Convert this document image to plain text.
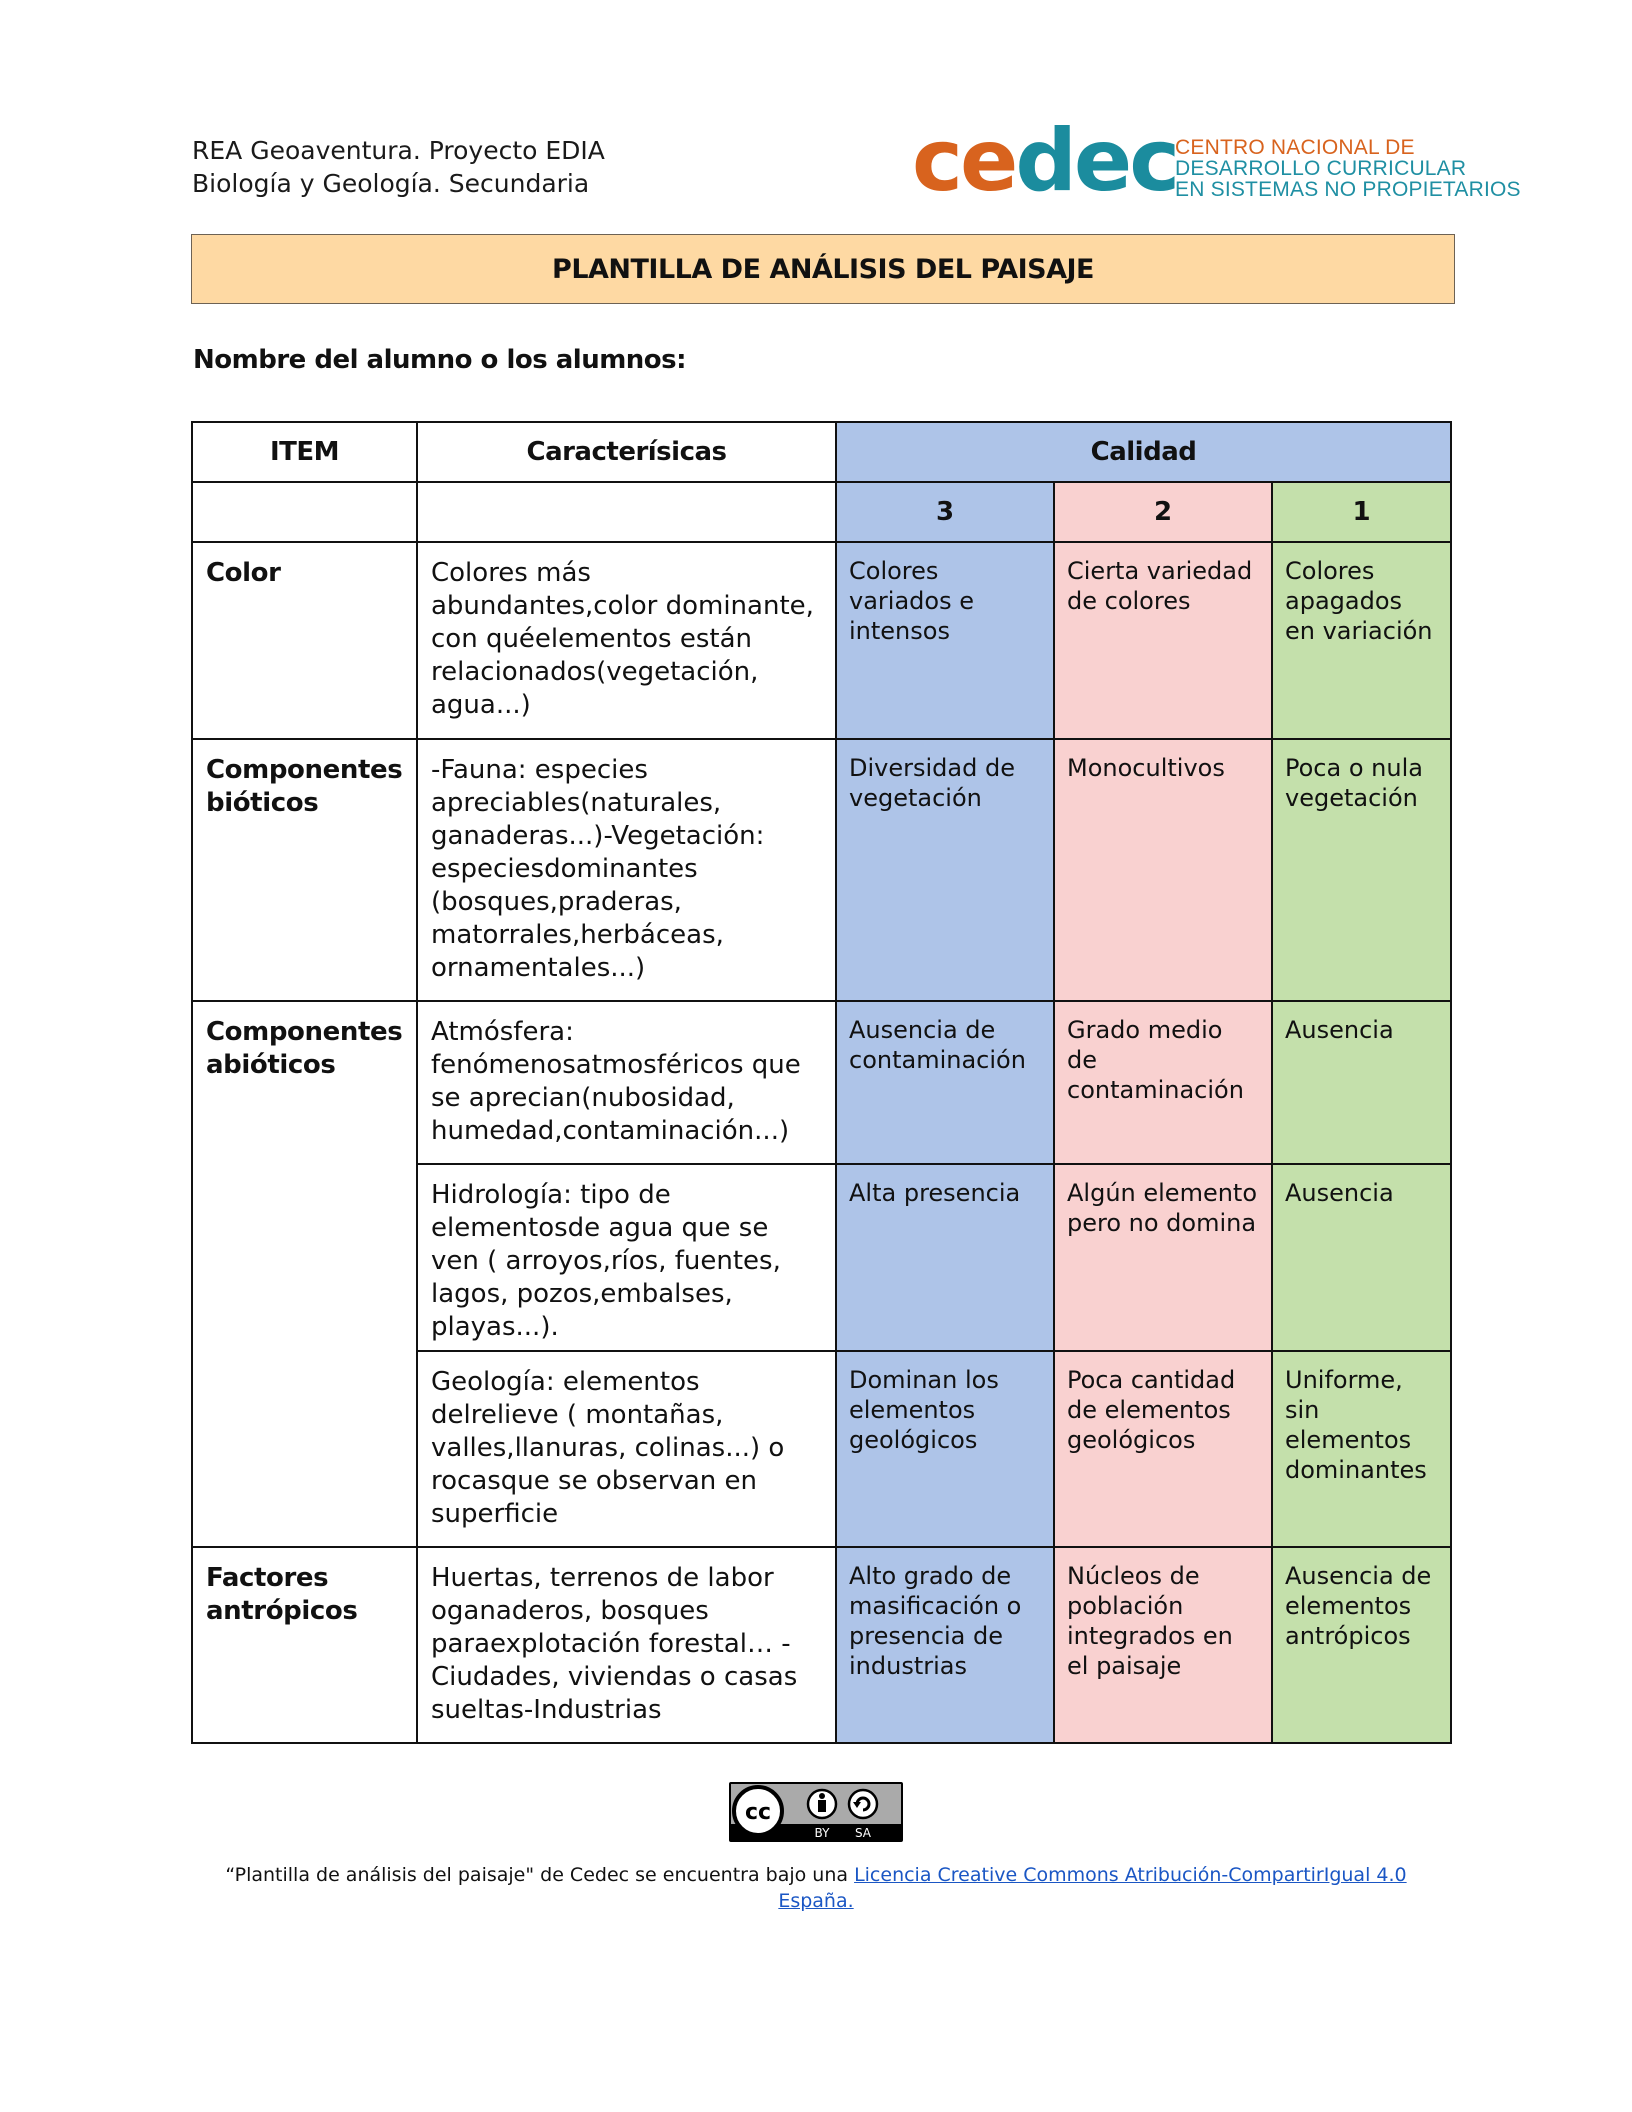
REA Geoaventura. Proyecto EDIA
Biología y Geología. Secundaria	cedec
CENTRO NACIONAL DE
DESARROLLO CURRICULAR
EN SISTEMAS NO PROPIETARIOS
PLANTILLA DE ANÁLISIS DEL PAISAJE
Nombre del alumno o los alumnos:
ITEM	Caracterísicas	Calidad		
		3	2	1
Color	Colores más abundantes,color dominante, con quéelementos están relacionados(vegetación, agua...)	Colores variados e intensos	Cierta variedad de colores	Colores apagados en variación
Componentes bióticos	-Fauna: especies apreciables(naturales, ganaderas...)-Vegetación: especiesdominantes (bosques,praderas, matorrales,herbáceas, ornamentales...)	Diversidad de vegetación	Monocultivos	Poca o nula vegetación
Componentes abióticos	Atmósfera: fenómenosatmosféricos que se aprecian(nubosidad, humedad,contaminación...)	Ausencia de contaminación	Grado medio de contaminación	Ausencia
	Hidrología: tipo de elementosde agua que se ven ( arroyos,ríos, fuentes, lagos, pozos,embalses, playas...).	Alta presencia	Algún elemento pero no domina	Ausencia
	Geología: elementos delrelieve ( montañas, valles,llanuras, colinas...) o rocasque se observan en superficie	Dominan los elementos geológicos	Poca cantidad de elementos geológicos	Uniforme, sin elementos dominantes
Factores antrópicos	Huertas, terrenos de labor oganaderos, bosques paraexplotación forestal… -Ciudades, viviendas o casas sueltas-Industrias	Alto grado de masificación o presencia de industrias	Núcleos de población integrados en el paisaje	Ausencia de elementos antrópicos
cc
BY SA
“Plantilla de análisis del paisaje" de Cedec se encuentra bajo una Licencia Creative Commons Atribución-CompartirIgual 4.0 España.
